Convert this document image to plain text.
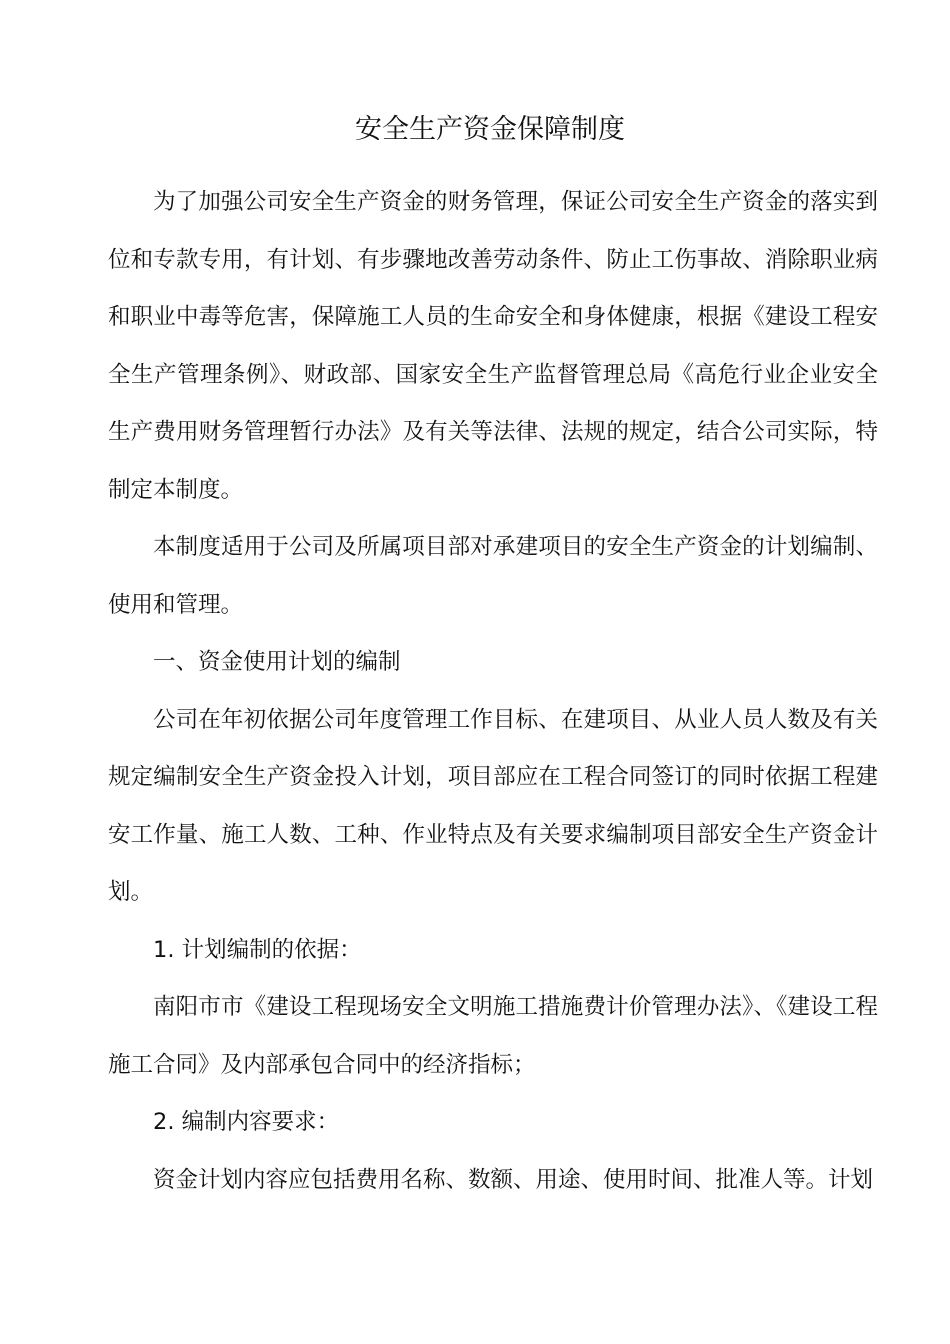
安全生产资金保障制度

为了加强公司安全生产资金的财务管理，保证公司安全生产资金的落实到位和专款专用，有计划、有步骤地改善劳动条件、防止工伤事故、消除职业病和职业中毒等危害，保障施工人员的生命安全和身体健康，根据《建设工程安全生产管理条例》、财政部、国家安全生产监督管理总局《高危行业企业安全生产费用财务管理暂行办法》及有关等法律、法规的规定，结合公司实际，特制定本制度。

本制度适用于公司及所属项目部对承建项目的安全生产资金的计划编制、使用和管理。

一、资金使用计划的编制

公司在年初依据公司年度管理工作目标、在建项目、从业人员人数及有关规定编制安全生产资金投入计划，项目部应在工程合同签订的同时依据工程建安工作量、施工人数、工种、作业特点及有关要求编制项目部安全生产资金计划。

1. 计划编制的依据：

南阳市市《建设工程现场安全文明施工措施费计价管理办法》、《建设工程施工合同》及内部承包合同中的经济指标；

2. 编制内容要求：

资金计划内容应包括费用名称、数额、用途、使用时间、批准人等。计划
